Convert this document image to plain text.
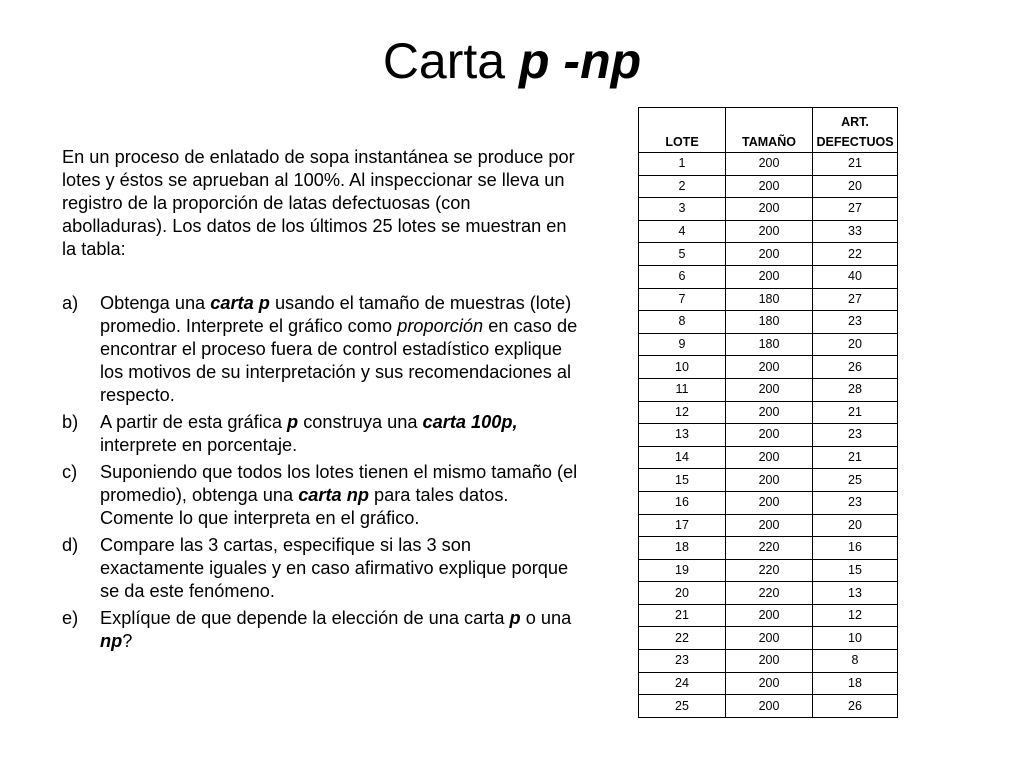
Carta p -np

En un proceso de enlatado de sopa instantánea se produce por lotes y éstos se aprueban al 100%. Al inspeccionar se lleva un registro de la proporción de latas defectuosas (con abolladuras). Los datos de los últimos 25 lotes se muestran en la tabla:

a)	Obtenga una carta p usando el tamaño de muestras (lote) promedio. Interprete el gráfico como proporción en caso de encontrar el proceso fuera de control estadístico explique los motivos de su interpretación y sus recomendaciones al respecto.
b)	A partir de esta gráfica p construya una carta 100p, interprete en porcentaje.
c)	Suponiendo que todos los lotes tienen el mismo tamaño (el promedio), obtenga una carta np para tales datos. Comente lo que interpreta en el gráfico.
d)	Compare las 3 cartas, especifique si las 3 son exactamente iguales y en caso afirmativo explique porque se da este fenómeno.
e)	Explíque de que depende la elección de una carta p o una np?
LOTE	TAMAÑO	ART.
DEFECTUOS
1	200	21
2	200	20
3	200	27
4	200	33
5	200	22
6	200	40
7	180	27
8	180	23
9	180	20
10	200	26
11	200	28
12	200	21
13	200	23
14	200	21
15	200	25
16	200	23
17	200	20
18	220	16
19	220	15
20	220	13
21	200	12
22	200	10
23	200	8
24	200	18
25	200	26
